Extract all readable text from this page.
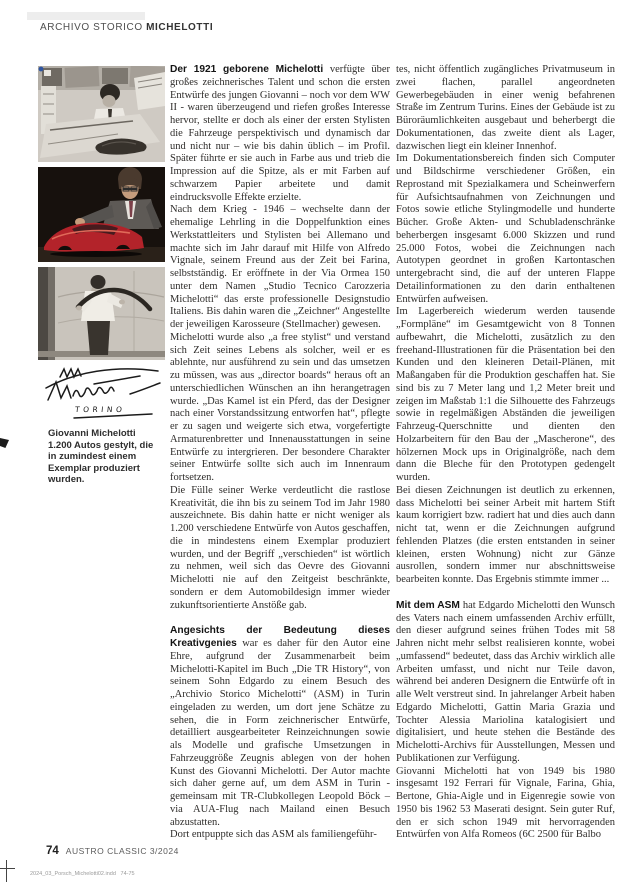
ARCHIVO STORICO MICHELOTTI
TORINO
Giovanni Michelotti 1.200 Autos gestylt, die in zumindest einem Exemplar produziert wurden.

Der 1921 geborene Michelotti verfügte über großes zeichnerisches Talent und schon die ersten Entwürfe des jungen Giovanni – noch vor dem WW II - waren überzeugend und riefen großes Interesse hervor, stellte er doch als einer der ersten Stylisten die Fahrzeuge perspektivisch und dynamisch dar und nicht nur – wie bis dahin üblich – im Profil. Später führte er sie auch in Farbe aus und trieb die Impression auf die Spitze, als er mit Farben auf schwarzem Papier arbeitete und damit eindrucksvolle Effekte erzielte.

Nach dem Krieg - 1946 – wechselte dann der ehemalige Lehrling in die Doppelfunktion eines Werkstattleiters und Stylisten bei Allemano und machte sich im Jahr darauf mit Hilfe von Alfredo Vignale, seinem Freund aus der Zeit bei Farina, selbstständig. Er eröffnete in der Via Ormea 150 unter dem Namen „Studio Tecnico Carozzeria Michelotti“ das erste professionelle Designstudio Italiens. Bis dahin waren die „Zeichner“ Angestellte der jeweiligen Karosseure (Stellmacher) gewesen.

Michelotti wurde also „a free stylist“ und verstand sich Zeit seines Lebens als solcher, weil er es ablehnte, nur ausführend zu sein und das umsetzen zu müssen, was aus „director boards“ heraus oft an unterschiedlichen Wünschen an ihn herangetragen wurde. „Das Kamel ist ein Pferd, das der Designer nach einer Vorstandssitzung entworfen hat“, pflegte er zu sagen und weigerte sich etwa, vorgefertigte Armaturenbretter und Innenausstattungen in seine Entwürfe zu intergrieren. Der besondere Charakter seiner Entwürfe sollte sich auch im Innenraum fortsetzen.

Die Fülle seiner Werke verdeutlicht die rastlose Kreativität, die ihn bis zu seinem Tod im Jahr 1980 auszeichnete. Bis dahin hatte er nicht weniger als 1.200 verschiedene Entwürfe von Autos geschaffen, die in mindestens einem Exemplar produziert wurden, und der Begriff „verschieden“ ist wörtlich zu nehmen, weil sich das Oevre des Giovanni Michelotti nie auf den Zeitgeist beschränkte, sondern er dem Automobildesign immer wieder zukunftsorientierte Anstöße gab.

Angesichts der Bedeutung dieses Kreativgenies war es daher für den Autor eine Ehre, aufgrund der Zusammenarbeit beim Michelotti-Kapitel im Buch „Die TR History“, von seinem Sohn Edgardo zu einem Besuch des „Archivio Storico Michelotti“ (ASM) in Turin eingeladen zu werden, um dort jene Schätze zu sehen, die in Form zeichnerischer Entwürfe, detailliert ausgearbeiteter Reinzeichnungen sowie als Modelle und grafische Umsetzungen in Fahrzeuggröße Zeugnis ablegen von der hohen Kunst des Giovanni Michelotti. Der Autor machte sich daher gerne auf, um dem ASM in Turin - gemeinsam mit TR-Clubkollegen Leopold Böck – via AUA-Flug nach Mailand einen Besuch abzustatten.

Dort entpuppte sich das ASM als familiengeführ-

tes, nicht öffentlich zugängliches Privatmuseum in zwei flachen, parallel angeordneten Gewerbegebäuden in einer wenig befahrenen Straße im Zentrum Turins. Eines der Gebäude ist zu Büroräumlichkeiten ausgebaut und beherbergt die Dokumentationen, das zweite dient als Lager, dazwischen liegt ein kleiner Innenhof.

Im Dokumentationsbereich finden sich Computer und Bildschirme verschiedener Größen, ein Reprostand mit Spezialkamera und Scheinwerfern für Aufsichtsaufnahmen von Zeichnungen und Fotos sowie etliche Stylingmodelle und hunderte Bücher. Große Akten- und Schubladenschränke beherbergen insgesamt 6.000 Skizzen und rund 25.000 Fotos, wobei die Zeichnungen nach Autotypen geordnet in großen Kartontaschen untergebracht sind, die auf der unteren Flappe Detailinformationen zu den darin enthaltenen Entwürfen aufweisen.

Im Lagerbereich wiederum werden tausende „Formpläne“ im Gesamtgewicht von 8 Tonnen aufbewahrt, die Michelotti, zusätzlich zu den freehand-Illustrationen für die Präsentation bei den Kunden und den kleineren Detail-Plänen, mit Maßangaben für die Produktion geschaffen hat. Sie sind bis zu 7 Meter lang und 1,2 Meter breit und zeigen im Maßstab 1:1 die Silhouette des Fahrzeugs sowie in regelmäßigen Abständen die jeweiligen Fahrzeug-Querschnitte und dienten den Holzarbeitern für den Bau der „Mascherone“, des hölzernen Mock ups in Originalgröße, nach dem dann die Bleche für den Prototypen gedengelt wurden.

Bei diesen Zeichnungen ist deutlich zu erkennen, dass Michelotti bei seiner Arbeit mit hartem Stift kaum korrigiert bzw. radiert hat und dies auch dann nicht tat, wenn er die Zeichnungen aufgrund fehlenden Platzes (die ersten entstanden in seiner kleinen, ersten Wohnung) nicht zur Gänze ausrollen, sondern immer nur abschnittsweise bearbeiten konnte. Das Ergebnis stimmte immer ...

Mit dem ASM hat Edgardo Michelotti den Wunsch des Vaters nach einem umfassenden Archiv erfüllt, den dieser aufgrund seines frühen Todes mit 58 Jahren nicht mehr selbst realisieren konnte, wobei „umfassend“ bedeutet, dass das Archiv wirklich alle Arbeiten umfasst, und nicht nur Teile davon, während bei anderen Designern die Entwürfe oft in alle Welt verstreut sind. In jahrelanger Arbeit haben Edgardo Michelotti, Gattin Maria Grazia und Tochter Alessia Mariolina katalogisiert und digitalisiert, und heute stehen die Bestände des Michelotti-Archivs für Ausstellungen, Messen und Publikationen zur Verfügung.

Giovanni Michelotti hat von 1949 bis 1980 insgesamt 192 Ferrari für Vignale, Farina, Ghia, Bertone, Ghia-Aigle und in Eigenregie sowie von 1950 bis 1962 53 Maserati designt. Sein guter Ruf, den er sich schon 1949 mit hervorragenden Entwürfen von Alfa Romeos (6C 2500 für Balbo

74 AUSTRO CLASSIC 3/2024
2024_03_Porsch_Michelotti02.indd   74-75
